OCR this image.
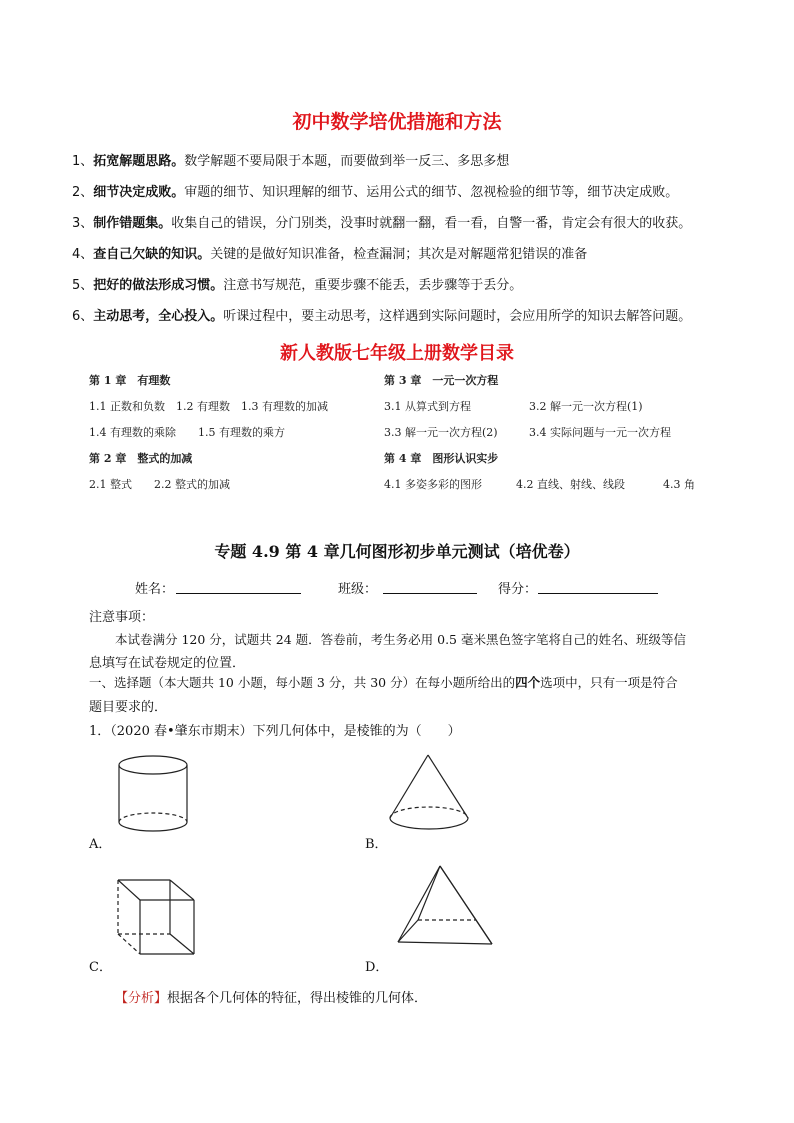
初中数学培优措施和方法
1、拓宽解题思路。数学解题不要局限于本题，而要做到举一反三、多思多想
2、细节决定成败。审题的细节、知识理解的细节、运用公式的细节、忽视检验的细节等，细节决定成败。
3、制作错题集。收集自己的错误，分门别类，没事时就翻一翻，看一看，自警一番，肯定会有很大的收获。
4、查自己欠缺的知识。关键的是做好知识准备，检查漏洞；其次是对解题常犯错误的准备
5、把好的做法形成习惯。注意书写规范，重要步骤不能丢，丢步骤等于丢分。
6、主动思考，全心投入。听课过程中，要主动思考，这样遇到实际问题时，会应用所学的知识去解答问题。
新人教版七年级上册数学目录
第 1 章　有理数
1.1 正数和负数　1.2 有理数　1.3 有理数的加减
1.4 有理数的乘除　　1.5 有理数的乘方
第 2 章　整式的加减
2.1 整式　　2.2 整式的加减
第 3 章　一元一次方程
3.1 从算式到方程	3.2 解一元一次方程(1)
3.3 解一元一次方程(2)	3.4 实际问题与一元一次方程
第 4 章　图形认识实步
4.1 多姿多彩的图形	4.2 直线、射线、线段	4.3 角
专题 4.9 第 4 章几何图形初步单元测试（培优卷）
姓名：	班级：	得分：
注意事项：
本试卷满分 120 分，试题共 24 题．答卷前，考生务必用 0.5 毫米黑色签字笔将自己的姓名、班级等信
息填写在试卷规定的位置．
一、选择题（本大题共 10 小题，每小题 3 分，共 30 分）在每小题所给出的四个选项中，只有一项是符合
题目要求的．
1．（2020 春•肇东市期末）下列几何体中，是棱锥的为（　　）
A．	B．
C．	D．
【分析】根据各个几何体的特征，得出棱锥的几何体．
